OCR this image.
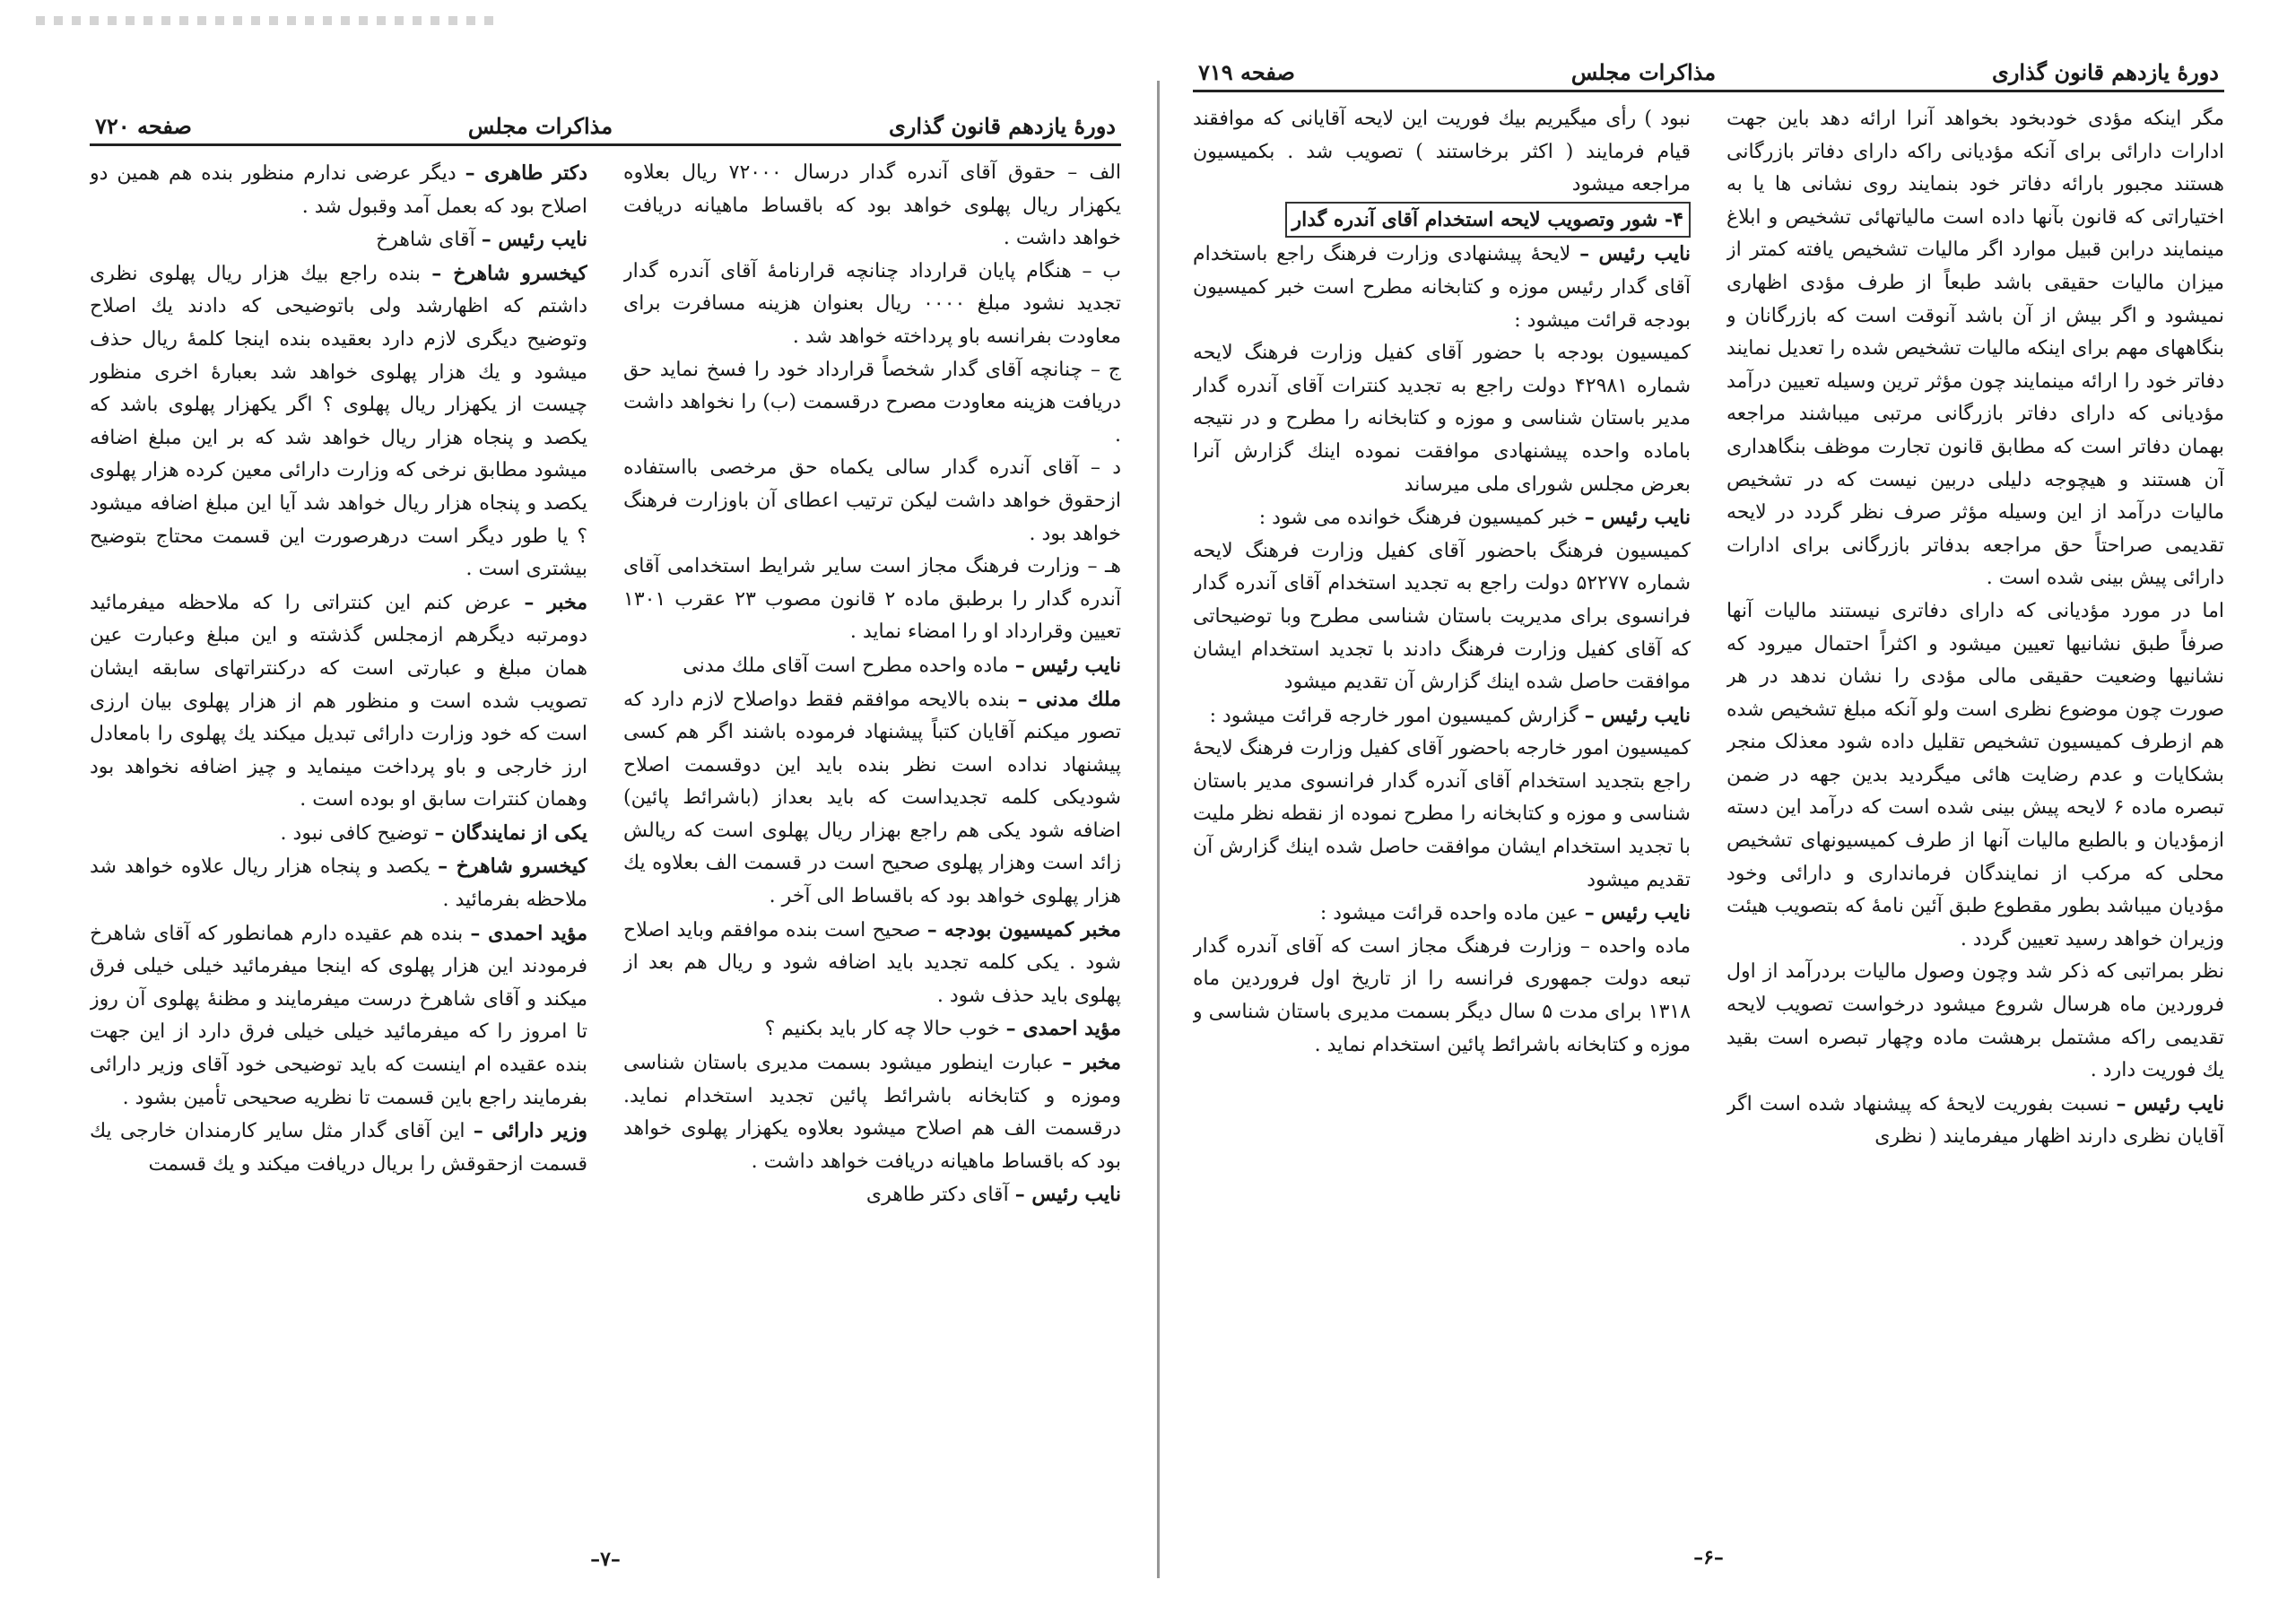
دورهٔ یازدهم قانون گذاری
مذاکرات مجلس
صفحه ۷۲۰

الف – حقوق آقای آندره گدار درسال ۷۲۰۰۰ ریال بعلاوه یکهزار ریال پهلوی خواهد بود که باقساط ماهیانه دریافت خواهد داشت .

ب – هنگام پایان قرارداد چنانچه قرارنامهٔ آقای آندره گدار تجدید نشود مبلغ ۰۰۰۰ ریال بعنوان هزینه مسافرت برای معاودت بفرانسه باو پرداخته خواهد شد .

ج – چنانچه آقای گدار شخصاً قرارداد خود را فسخ نماید حق دریافت هزینه معاودت مصرح درقسمت (ب) را نخواهد داشت .

د – آقای آندره گدار سالی یکماه حق مرخصی بااستفاده ازحقوق خواهد داشت لیکن ترتیب اعطای آن باوزارت فرهنگ خواهد بود .

هـ – وزارت فرهنگ مجاز است سایر شرایط استخدامی آقای آندره گدار را برطبق ماده ۲ قانون مصوب ۲۳ عقرب ۱۳۰۱ تعیین وقرارداد او را امضاء نماید .

نایب رئیس – ماده واحده مطرح است آقای ملك مدنی

ملك مدنی – بنده بالایحه موافقم فقط دواصلاح لازم دارد که تصور میکنم آقایان کتباً پیشنهاد فرموده باشند اگر هم کسی پیشنهاد نداده است نظر بنده باید این دوقسمت اصلاح شودیکی کلمه تجدیداست که باید بعداز (باشرائط پائین) اضافه شود یکی هم راجع بهزار ریال پهلوی است که ریالش زائد است وهزار پهلوی صحیح است در قسمت الف بعلاوه یك هزار پهلوی خواهد بود که باقساط الی آخر .

مخبر کمیسیون بودجه – صحیح است بنده موافقم وباید اصلاح شود . یکی کلمه تجدید باید اضافه شود و ریال هم بعد از پهلوی باید حذف شود .

مؤید احمدی – خوب حالا چه کار باید بکنیم ؟

مخبر – عبارت اینطور میشود بسمت مدیری باستان شناسی وموزه و کتابخانه باشرائط پائین تجدید استخدام نماید. درقسمت الف هم اصلاح میشود بعلاوه یکهزار پهلوی خواهد بود که باقساط ماهیانه دریافت خواهد داشت .

نایب رئیس – آقای دکتر طاهری

دکتر طاهری – دیگر عرضی ندارم منظور بنده هم همین دو اصلاح بود که بعمل آمد وقبول شد .

نایب رئیس – آقای شاهرخ

کیخسرو شاهرخ – بنده راجع بیك هزار ریال پهلوی نظری داشتم که اظهارشد ولی باتوضیحی که دادند یك اصلاح وتوضیح دیگری لازم دارد بعقیده بنده اینجا کلمهٔ ریال حذف میشود و یك هزار پهلوی خواهد شد بعبارهٔ اخری منظور چیست از یکهزار ریال پهلوی ؟ اگر یکهزار پهلوی باشد که یکصد و پنجاه هزار ریال خواهد شد که بر این مبلغ اضافه میشود مطابق نرخی که وزارت دارائی معین کرده هزار پهلوی یکصد و پنجاه هزار ریال خواهد شد آیا این مبلغ اضافه میشود ؟ یا طور دیگر است درهرصورت این قسمت محتاج بتوضیح بیشتری است .

مخبر – عرض کنم این کنتراتی را که ملاحظه میفرمائید دومرتبه دیگرهم ازمجلس گذشته و این مبلغ وعبارت عین همان مبلغ و عبارتی است که درکنتراتهای سابقه ایشان تصویب شده است و منظور هم از هزار پهلوی بیان ارزی است که خود وزارت دارائی تبدیل میکند یك پهلوی را بامعادل ارز خارجی و باو پرداخت مینماید و چیز اضافه نخواهد بود وهمان کنترات سابق او بوده است .

یکی از نمایندگان – توضیح کافی نبود .

کیخسرو شاهرخ – یکصد و پنجاه هزار ریال علاوه خواهد شد ملاحظه بفرمائید .

مؤید احمدی – بنده هم عقیده دارم همانطور که آقای شاهرخ فرمودند این هزار پهلوی که اینجا میفرمائید خیلی خیلی فرق میکند و آقای شاهرخ درست میفرمایند و مظنهٔ پهلوی آن روز تا امروز را که میفرمائید خیلی خیلی فرق دارد از این جهت بنده عقیده ام اینست که باید توضیحی خود آقای وزیر دارائی بفرمایند راجع باین قسمت تا نظریه صحیحی تأمین بشود .

وزیر دارائی – این آقای گدار مثل سایر کارمندان خارجی یك قسمت ازحقوقش را بریال دریافت میکند و یك قسمت

–۷–
دورهٔ یازدهم قانون گذاری
مذاکرات مجلس
صفحه ۷۱۹

مگر اینکه مؤدی خودبخود بخواهد آنرا ارائه دهد باین جهت ادارات دارائی برای آنکه مؤدیانی راکه دارای دفاتر بازرگانی هستند مجبور بارائه دفاتر خود بنمایند روی نشانی ها یا به اختیاراتی که قانون بآنها داده است مالیاتهائی تشخیص و ابلاغ مینمایند درابن قبیل موارد اگر مالیات تشخیص یافته کمتر از میزان مالیات حقیقی باشد طبعاً از طرف مؤدی اظهاری نمیشود و اگر بیش از آن باشد آنوقت است که بازرگانان و بنگاههای مهم برای اینکه مالیات تشخیص شده را تعدیل نمایند دفاتر خود را ارائه مینمایند چون مؤثر ترین وسیله تعیین درآمد مؤدیانی که دارای دفاتر بازرگانی مرتبی میباشند مراجعه بهمان دفاتر است که مطابق قانون تجارت موظف بنگاهداری آن هستند و هیچوجه دلیلی دربین نیست که در تشخیص مالیات درآمد از این وسیله مؤثر صرف نظر گردد در لایحه تقدیمی صراحتاً حق مراجعه بدفاتر بازرگانی برای ادارات دارائی پیش بینی شده است .

اما در مورد مؤدیانی که دارای دفاتری نیستند مالیات آنها صرفاً طبق نشانیها تعیین میشود و اکثراً احتمال میرود که نشانیها وضعیت حقیقی مالی مؤدی را نشان ندهد در هر صورت چون موضوع نظری است ولو آنکه مبلغ تشخیص شده هم ازطرف کمیسیون تشخیص تقلیل داده شود معذلک منجر بشکایات و عدم رضایت هائی میگردید بدین جهه در ضمن تبصره ماده ۶ لایحه پیش بینی شده است که درآمد این دسته ازمؤدیان و بالطبع مالیات آنها از طرف کمیسیونهای تشخیص محلی که مرکب از نمایندگان فرمانداری و دارائی وخود مؤدیان میباشد بطور مقطوع طبق آئین نامهٔ که بتصویب هیئت وزیران خواهد رسید تعیین گردد .

نظر بمراتبی که ذکر شد وچون وصول مالیات بردرآمد از اول فروردین ماه هرسال شروع میشود درخواست تصویب لایحه تقدیمی راکه مشتمل برهشت ماده وچهار تبصره است بقید یك فوریت دارد .

نایب رئیس – نسبت بفوریت لایحهٔ که پیشنهاد شده است اگر آقایان نظری دارند اظهار میفرمایند ( نظری

نبود ) رأی میگیریم بیك فوریت این لایحه آقایانی که موافقند قیام فرمایند ( اکثر برخاستند ) تصویب شد . بکمیسیون مراجعه میشود

۴- شور وتصویب لایحه استخدام آقای آندره گدار

نایب رئیس – لایحهٔ پیشنهادی وزارت فرهنگ راجع باستخدام آقای گدار رئیس موزه و کتابخانه مطرح است خبر کمیسیون بودجه قرائت میشود :

کمیسیون بودجه با حضور آقای کفیل وزارت فرهنگ لایحه شماره ۴۲۹۸۱ دولت راجع به تجدید کنترات آقای آندره گدار مدیر باستان شناسی و موزه و کتابخانه را مطرح و در نتیجه باماده واحده پیشنهادی موافقت نموده اینك گزارش آنرا بعرض مجلس شورای ملی میرساند

نایب رئیس – خبر کمیسیون فرهنگ خوانده می شود :

کمیسیون فرهنگ باحضور آقای کفیل وزارت فرهنگ لایحه شماره ۵۲۲۷۷ دولت راجع به تجدید استخدام آقای آندره گدار فرانسوی برای مدیریت باستان شناسی مطرح وبا توضیحاتی که آقای کفیل وزارت فرهنگ دادند با تجدید استخدام ایشان موافقت حاصل شده اینك گزارش آن تقدیم میشود

نایب رئیس – گزارش کمیسیون امور خارجه قرائت میشود :

کمیسیون امور خارجه باحضور آقای کفیل وزارت فرهنگ لایحهٔ راجع بتجدید استخدام آقای آندره گدار فرانسوی مدیر باستان شناسی و موزه و کتابخانه را مطرح نموده از نقطه نظر ملیت با تجدید استخدام ایشان موافقت حاصل شده اینك گزارش آن تقدیم میشود

نایب رئیس – عین ماده واحده قرائت میشود :

ماده واحده – وزارت فرهنگ مجاز است که آقای آندره گدار تبعه دولت جمهوری فرانسه را از تاریخ اول فروردین ماه ۱۳۱۸ برای مدت ۵ سال دیگر بسمت مدیری باستان شناسی و موزه و کتابخانه باشرائط پائین استخدام نماید .

–۶–
